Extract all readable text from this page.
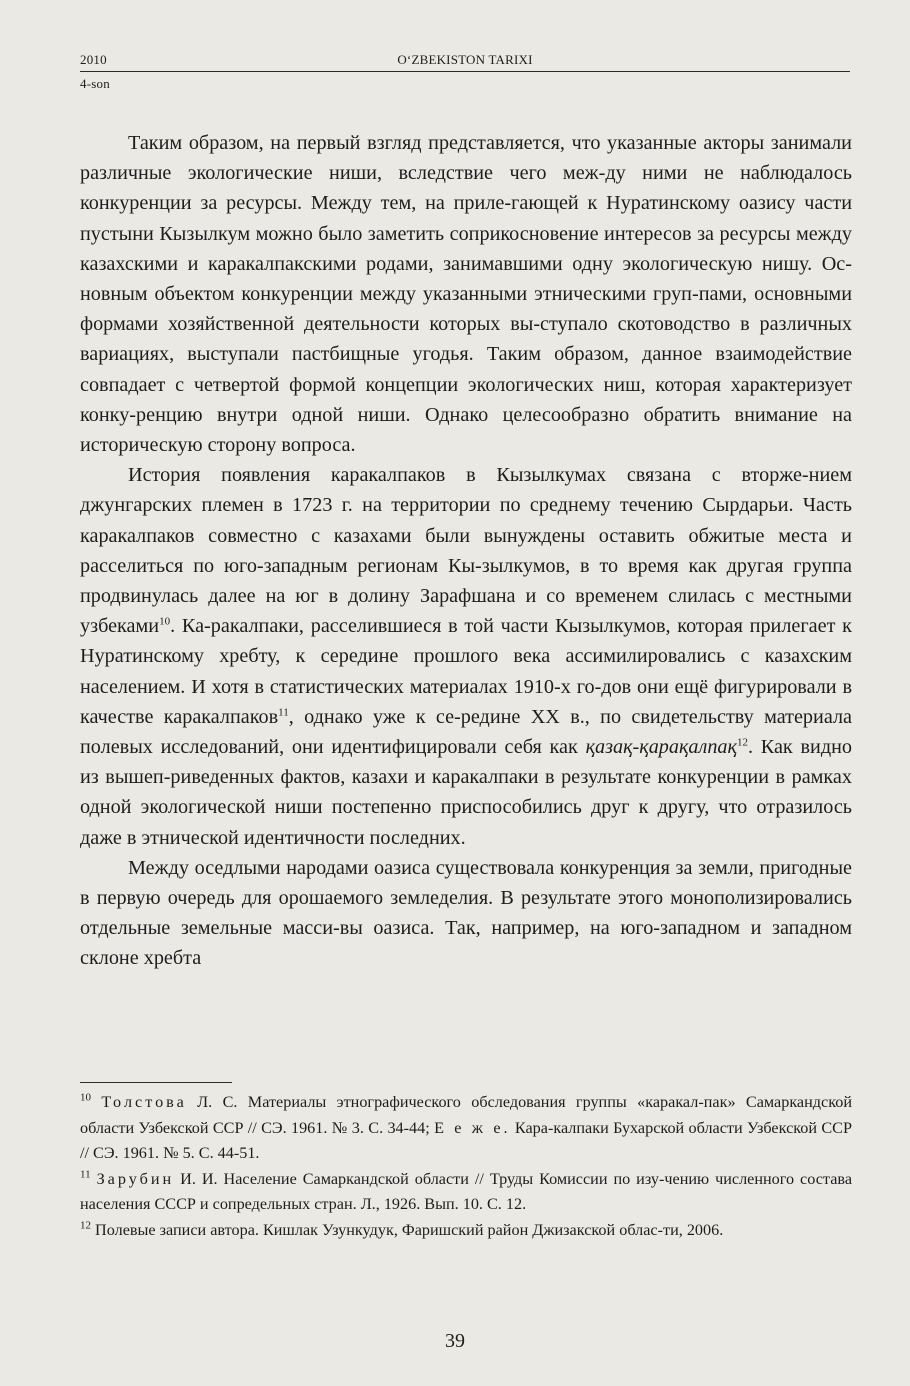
2010	O‘ZBEKISTON TARIXI
4-son

Таким образом, на первый взгляд представляется, что указанные акторы занимали различные экологические ниши, вследствие чего меж-ду ними не наблюдалось конкуренции за ресурсы. Между тем, на приле-гающей к Нуратинскому оазису части пустыни Кызылкум можно было заметить соприкосновение интересов за ресурсы между казахскими и каракалпакскими родами, занимавшими одну экологическую нишу. Ос-новным объектом конкуренции между указанными этническими груп-пами, основными формами хозяйственной деятельности которых вы-ступало скотоводство в различных вариациях, выступали пастбищные угодья. Таким образом, данное взаимодействие совпадает с четвертой формой концепции экологических ниш, которая характеризует конку-ренцию внутри одной ниши. Однако целесообразно обратить внимание на историческую сторону вопроса.

История появления каракалпаков в Кызылкумах связана с вторже-нием джунгарских племен в 1723 г. на территории по среднему течению Сырдарьи. Часть каракалпаков совместно с казахами были вынуждены оставить обжитые места и расселиться по юго-западным регионам Кы-зылкумов, в то время как другая группа продвинулась далее на юг в долину Зарафшана и со временем слилась с местными узбеками$^{10}$. Ка-ракалпаки, расселившиеся в той части Кызылкумов, которая прилегает к Нуратинскому хребту, к середине прошлого века ассимилировались с казахским населением. И хотя в статистических материалах 1910-х го-дов они ещё фигурировали в качестве каракалпаков$^{11}$, однако уже к се-редине XX в., по свидетельству материала полевых исследований, они идентифицировали себя как қазақ-қарақалпақ$^{12}$. Как видно из вышеп-риведенных фактов, казахи и каракалпаки в результате конкуренции в рамках одной экологической ниши постепенно приспособились друг к другу, что отразилось даже в этнической идентичности последних.

Между оседлыми народами оазиса существовала конкуренция за земли, пригодные в первую очередь для орошаемого земледелия. В результате этого монополизировались отдельные земельные масси-вы оазиса. Так, например, на юго-западном и западном склоне хребта

$^{10}$ Толстова Л. С. Материалы этнографического обследования группы «каракал-пак» Самаркандской области Узбекской ССР // СЭ. 1961. № 3. С. 34-44; Е е ж е. Кара-калпаки Бухарской области Узбекской ССР // СЭ. 1961. № 5. С. 44-51.

$^{11}$ Зарубин И. И. Население Самаркандской области // Труды Комиссии по изу-чению численного состава населения СССР и сопредельных стран. Л., 1926. Вып. 10. С. 12.

$^{12}$ Полевые записи автора. Кишлак Узункудук, Фаришский район Джизакской облас-ти, 2006.

39
